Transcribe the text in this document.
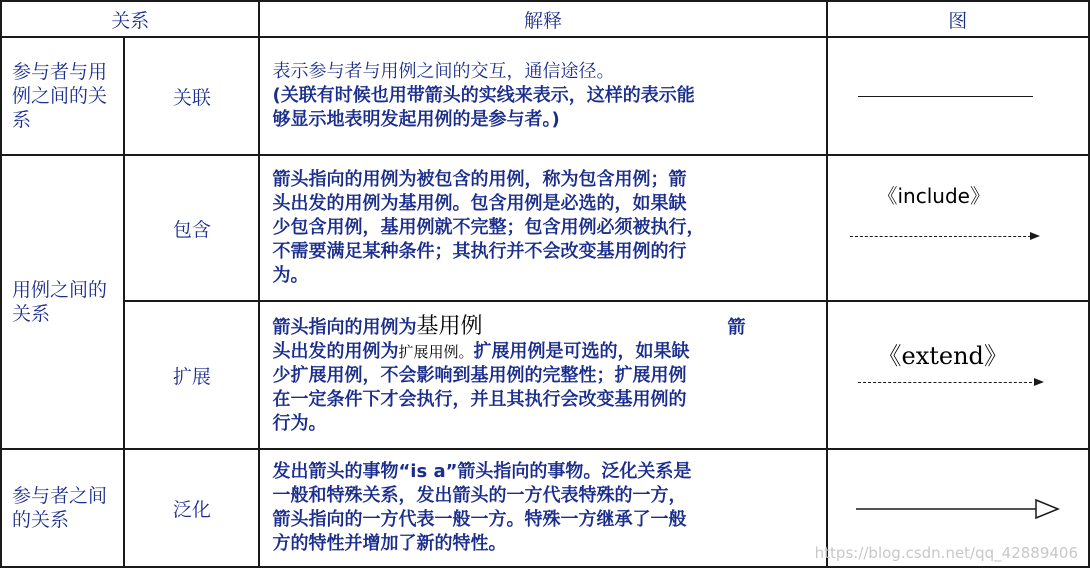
关系		解释	图

参与者与用例之间的关系	关联	表示参与者与用例之间的交互，通信途径。
(关联有时候也用带箭头的实线来表示，这样的表示能
够显示地表明发起用例的是参与者。)	

用例之间的关系	包含	箭头指向的用例为被包含的用例，称为包含用例；箭
头出发的用例为基用例。包含用例是必选的，如果缺
少包含用例，基用例就不完整；包含用例必须被执行，
不需要满足某种条件；其执行并不会改变基用例的行
为。	《include》

	扩展	箭头指向的用例为基用例 箭
头出发的用例为扩展用例。扩展用例是可选的，如果缺
少扩展用例，不会影响到基用例的完整性；扩展用例
在一定条件下才会执行，并且其执行会改变基用例的
行为。	《extend》

参与者之间的关系	泛化	发出箭头的事物“is a”箭头指向的事物。泛化关系是
一般和特殊关系，发出箭头的一方代表特殊的一方，
箭头指向的一方代表一般一方。特殊一方继承了一般
方的特性并增加了新的特性。	https://blog.csdn.net/qq_42889406
